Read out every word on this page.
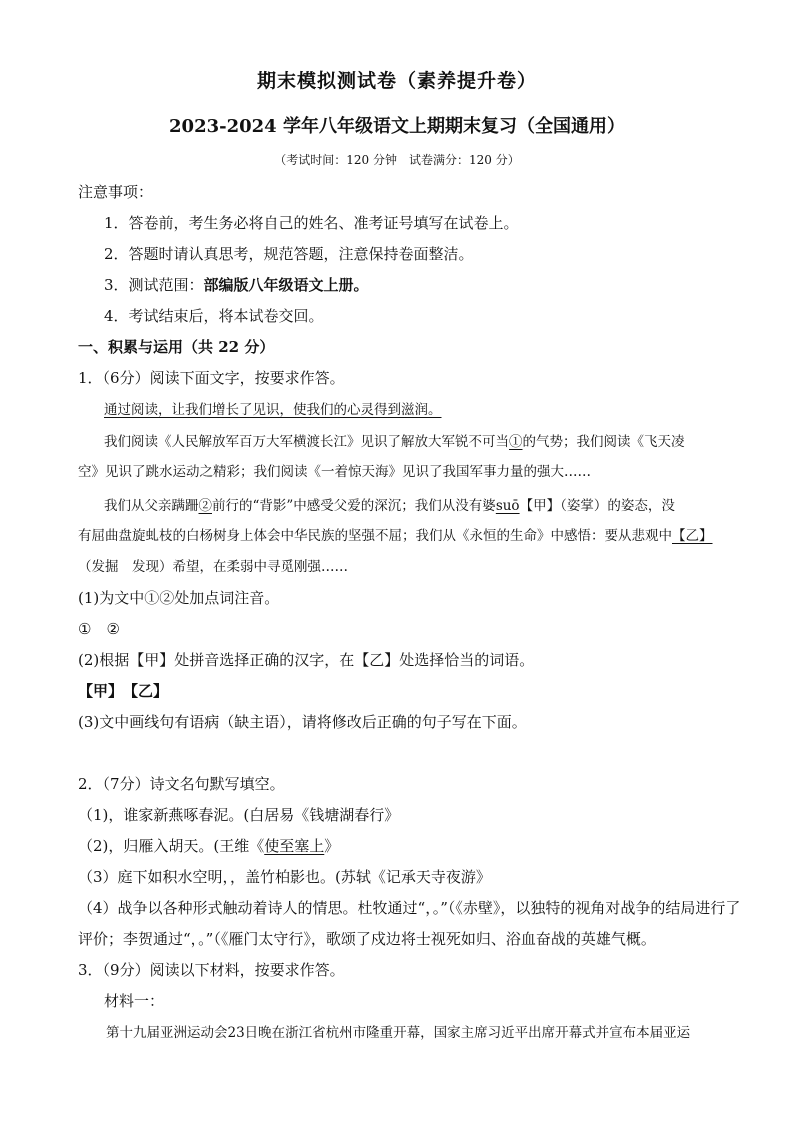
期末模拟测试卷（素养提升卷）
2023-2024 学年八年级语文上期期末复习（全国通用）
（考试时间：120 分钟　试卷满分：120 分）
注意事项：
1．答卷前，考生务必将自己的姓名、准考证号填写在试卷上。
2．答题时请认真思考，规范答题，注意保持卷面整洁。
3．测试范围：部编版八年级语文上册。
4．考试结束后，将本试卷交回。
一、积累与运用（共 22 分）
1．（6分）阅读下面文字，按要求作答。
通过阅读，让我们增长了见识，使我们的心灵得到滋润。
我们阅读《人民解放军百万大军横渡长江》见识了解放大军锐不可当①的气势；我们阅读《飞天凌
空》见识了跳水运动之精彩；我们阅读《一着惊天海》见识了我国军事力量的强大……
我们从父亲蹒跚②前行的“背影”中感受父爱的深沉；我们从没有婆suō【甲】（姿掌）的姿态，没
有屈曲盘旋虬枝的白杨树身上体会中华民族的坚强不屈；我们从《永恒的生命》中感悟：要从悲观中【乙】
（发掘　发现）希望，在柔弱中寻觅刚强……
(1)为文中①②处加点词注音。
①　②
(2)根据【甲】处拼音选择正确的汉字，在【乙】处选择恰当的词语。
【甲】　【乙】
(3)文中画线句有语病（缺主语），请将修改后正确的句子写在下面。
2．（7分）诗文名句默写填空。
（1)，谁家新燕啄春泥。(白居易《钱塘湖春行》
（2)，归雁入胡天。(王维《使至塞上》
（3）庭下如积水空明，，盖竹柏影也。(苏轼《记承天寺夜游》
（4）战争以各种形式触动着诗人的情思。杜牧通过“，。”（《赤壁》，以独特的视角对战争的结局进行了
评价；李贺通过“，。”（《雁门太守行》，歌颂了戍边将士视死如归、浴血奋战的英雄气概。
3．（9分）阅读以下材料，按要求作答。
材料一：
第十九届亚洲运动会23日晚在浙江省杭州市隆重开幕，国家主席习近平出席开幕式并宣布本届亚运
